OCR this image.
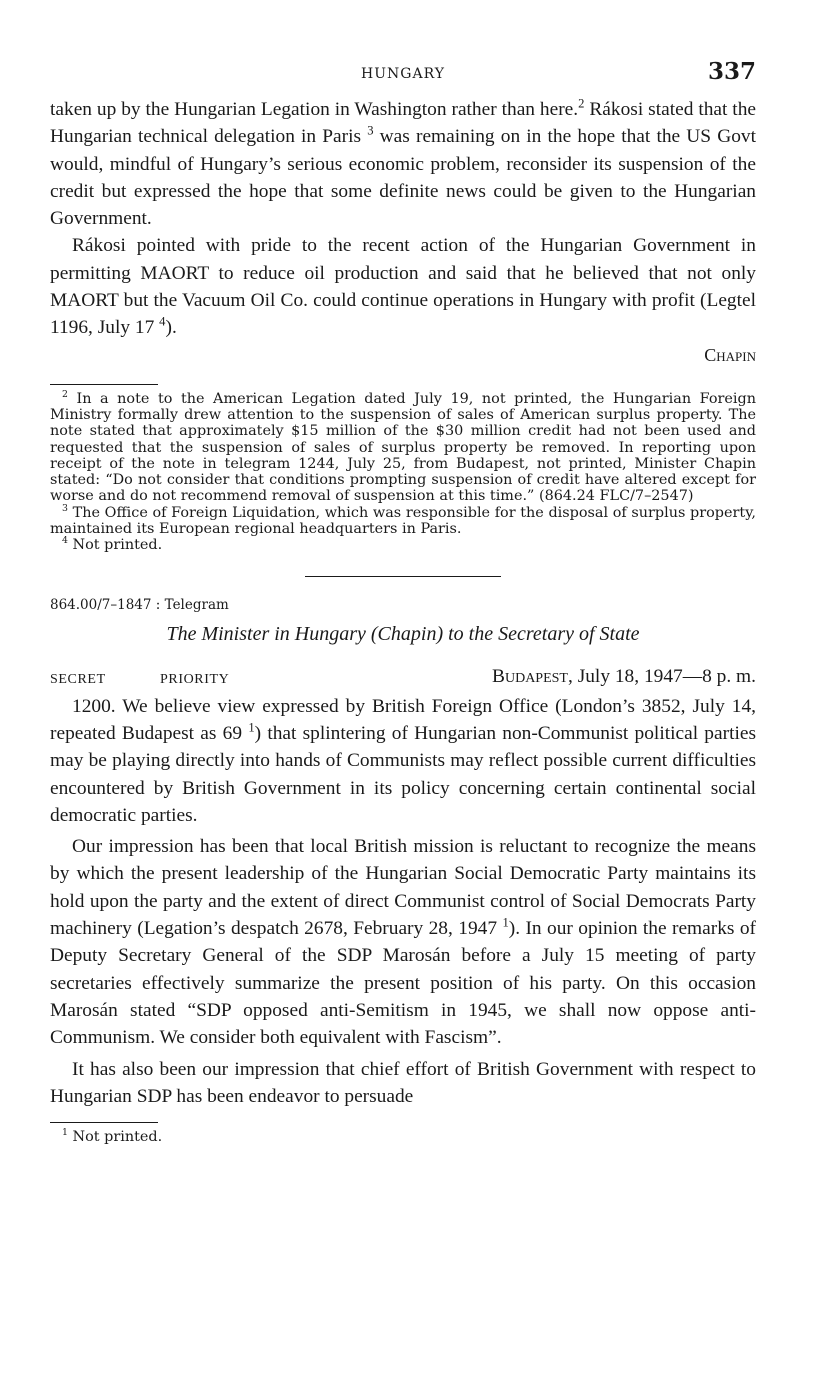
HUNGARY	337

taken up by the Hungarian Legation in Washington rather than here.$^2$ Rákosi stated that the Hungarian technical delegation in Paris $^3$ was remaining on in the hope that the US Govt would, mindful of Hungary’s serious economic problem, reconsider its suspension of the credit but expressed the hope that some definite news could be given to the Hungarian Government.

Rákosi pointed with pride to the recent action of the Hungarian Government in permitting MAORT to reduce oil production and said that he believed that not only MAORT but the Vacuum Oil Co. could continue operations in Hungary with profit (Legtel 1196, July 17 $^4$).

Chapin

$^2$ In a note to the American Legation dated July 19, not printed, the Hungarian Foreign Ministry formally drew attention to the suspension of sales of American surplus property. The note stated that approximately $15 million of the $30 million credit had not been used and requested that the suspension of sales of surplus property be removed. In reporting upon receipt of the note in telegram 1244, July 25, from Budapest, not printed, Minister Chapin stated: “Do not consider that conditions prompting suspension of credit have altered except for worse and do not recommend removal of suspension at this time.” (864.24 FLC/7–2547)

$^3$ The Office of Foreign Liquidation, which was responsible for the disposal of surplus property, maintained its European regional headquarters in Paris.

$^4$ Not printed.

864.00/7–1847 : Telegram
The Minister in Hungary (Chapin) to the Secretary of State
SECRET	PRIORITY	Budapest, July 18, 1947—8 p. m.

1200. We believe view expressed by British Foreign Office (London’s 3852, July 14, repeated Budapest as 69 $^1$) that splintering of Hungarian non-Communist political parties may be playing directly into hands of Communists may reflect possible current difficulties encountered by British Government in its policy concerning certain continental social democratic parties.

Our impression has been that local British mission is reluctant to recognize the means by which the present leadership of the Hungarian Social Democratic Party maintains its hold upon the party and the extent of direct Communist control of Social Democrats Party machinery (Legation’s despatch 2678, February 28, 1947 $^1$). In our opinion the remarks of Deputy Secretary General of the SDP Marosán before a July 15 meeting of party secretaries effectively summarize the present position of his party. On this occasion Marosán stated “SDP opposed anti-Semitism in 1945, we shall now oppose anti-Communism. We consider both equivalent with Fascism”.

It has also been our impression that chief effort of British Government with respect to Hungarian SDP has been endeavor to persuade

$^1$ Not printed.
